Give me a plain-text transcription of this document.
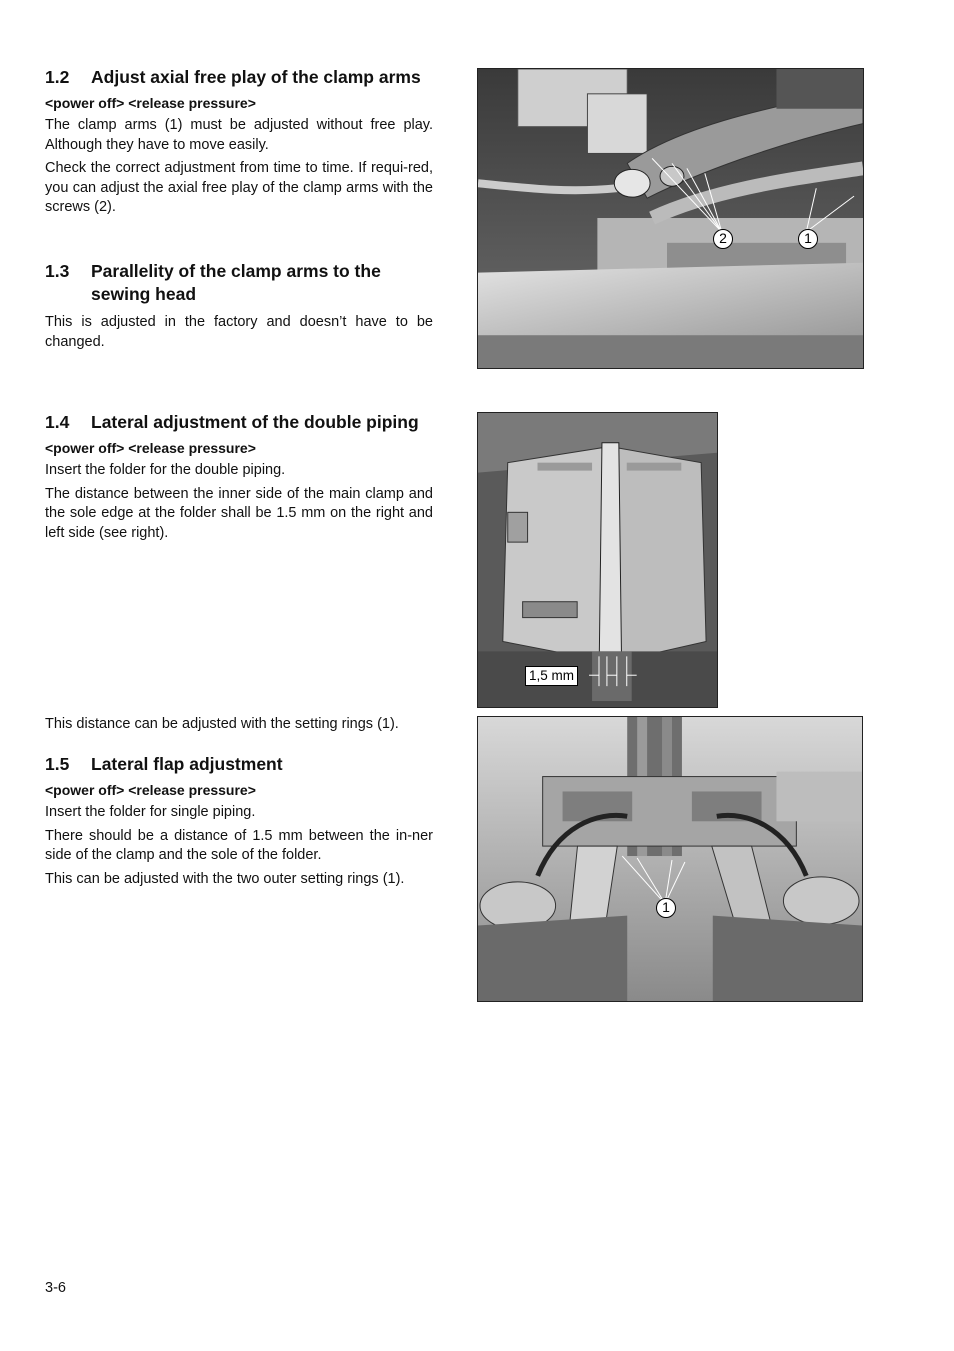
1.2	Adjust axial free play of the clamp arms
<power off> <release pressure>

The clamp arms (1) must be adjusted without free play. Although they have to move easily.

Check the correct adjustment from time to time. If requi-red, you can adjust the axial free play of the clamp arms with the screws (2).

1.3	Parallelity of the clamp arms to the sewing head

This is adjusted in the factory and doesn’t have to be changed.

1.4	Lateral adjustment of the double piping
<power off> <release pressure>

Insert the folder for the double piping.

The distance between the inner side of the main clamp and the sole edge at the folder shall be 1.5 mm on the right and left side (see right).

This distance can be adjusted with the setting rings (1).

1.5	Lateral flap adjustment
<power off> <release pressure>

Insert the folder for single piping.

There should be a distance of 1.5 mm between the in-ner side of the clamp and the sole of the folder.

This can be adjusted with the two outer setting rings (1).

2	1
1,5 mm
1
3-6
